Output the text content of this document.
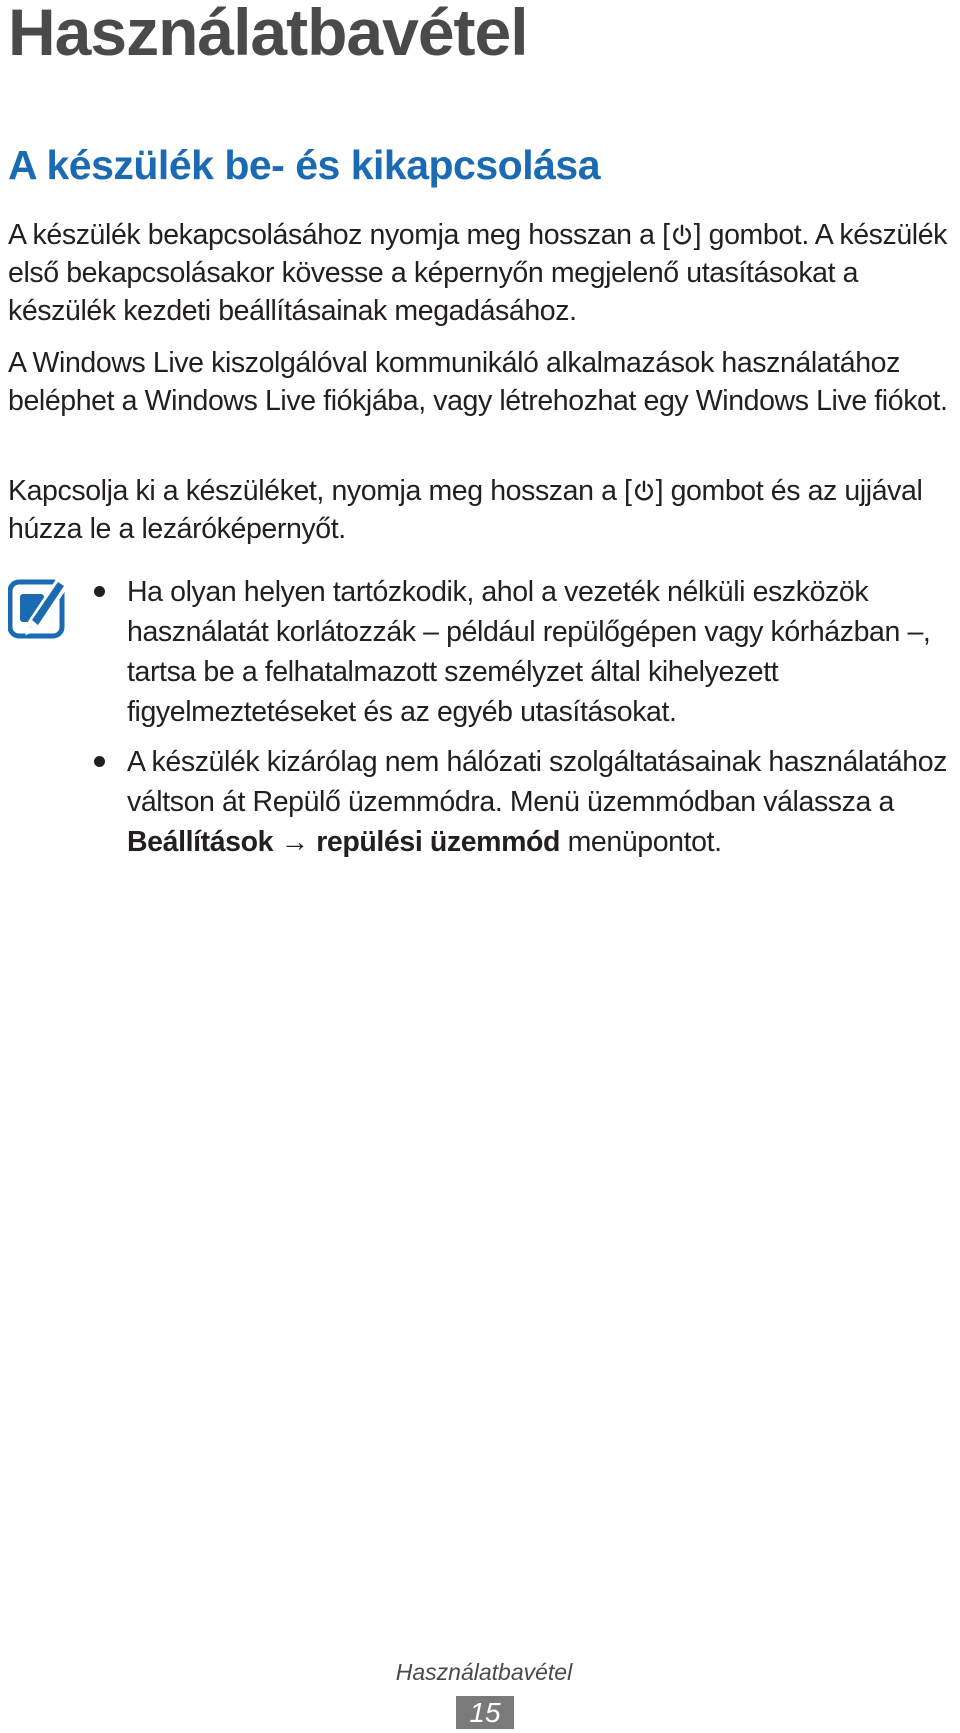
Használatbavétel
A készülék be- és kikapcsolása
A készülék bekapcsolásához nyomja meg hosszan a [ ] gombot. A készülék első bekapcsolásakor kövesse a képernyőn megjelenő utasításokat a készülék kezdeti beállításainak megadásához.
A Windows Live kiszolgálóval kommunikáló alkalmazások használatához beléphet a Windows Live fiókjába, vagy létrehozhat egy Windows Live fiókot.
Kapcsolja ki a készüléket, nyomja meg hosszan a [ ] gombot és az ujjával húzza le a lezáróképernyőt.
Ha olyan helyen tartózkodik, ahol a vezeték nélküli eszközök használatát korlátozzák – például repülőgépen vagy kórházban –, tartsa be a felhatalmazott személyzet által kihelyezett figyelmeztetéseket és az egyéb utasításokat.
A készülék kizárólag nem hálózati szolgáltatásainak használatához váltson át Repülő üzemmódra. Menü üzemmódban válassza a Beállítások → repülési üzemmód menüpontot.
Használatbavétel
15
